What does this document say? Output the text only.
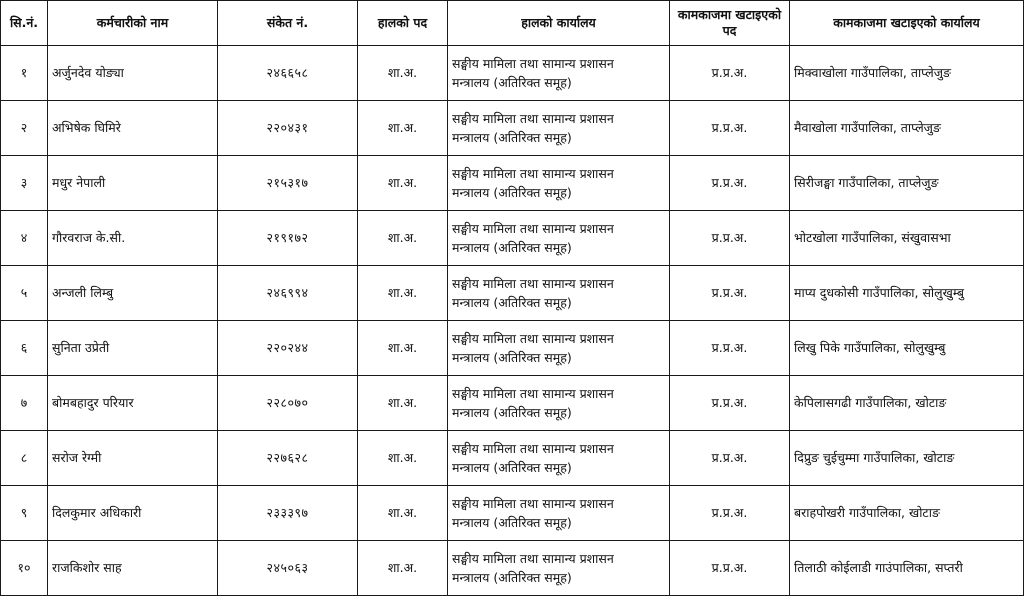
सि.नं.	कर्मचारीको नाम	संकेत नं.	हालको पद	हालको कार्यालय	कामकाजमा खटाइएको पद	कामकाजमा खटाइएको कार्यालय
१	अर्जुनदेव योङ्या	२४६६५८	शा.अ.	सङ्घीय मामिला तथा सामान्य प्रशासन
मन्त्रालय (अतिरिक्त समूह)	प्र.प्र.अ.	मिक्वाखोला गाउँपालिका, ताप्लेजुङ
२	अभिषेक घिमिरे	२२०४३१	शा.अ.	सङ्घीय मामिला तथा सामान्य प्रशासन
मन्त्रालय (अतिरिक्त समूह)	प्र.प्र.अ.	मैवाखोला गाउँपालिका, ताप्लेजुङ
३	मधुर नेपाली	२१५३१७	शा.अ.	सङ्घीय मामिला तथा सामान्य प्रशासन
मन्त्रालय (अतिरिक्त समूह)	प्र.प्र.अ.	सिरीजङ्घा गाउँपालिका, ताप्लेजुङ
४	गौरवराज के.सी.	२१९१७२	शा.अ.	सङ्घीय मामिला तथा सामान्य प्रशासन
मन्त्रालय (अतिरिक्त समूह)	प्र.प्र.अ.	भोटखोला गाउँपालिका, संखुवासभा
५	अन्जली लिम्बु	२४६९९४	शा.अ.	सङ्घीय मामिला तथा सामान्य प्रशासन
मन्त्रालय (अतिरिक्त समूह)	प्र.प्र.अ.	माप्य दुधकोसी गाउँपालिका, सोलुखुम्बु
६	सुनिता उप्रेती	२२०२४४	शा.अ.	सङ्घीय मामिला तथा सामान्य प्रशासन
मन्त्रालय (अतिरिक्त समूह)	प्र.प्र.अ.	लिखु पिके गाउँपालिका, सोलुखुम्बु
७	बोमबहादुर परियार	२२८०७०	शा.अ.	सङ्घीय मामिला तथा सामान्य प्रशासन
मन्त्रालय (अतिरिक्त समूह)	प्र.प्र.अ.	केपिलासगढी गाउँपालिका, खोटाङ
८	सरोज रेग्मी	२२७६२८	शा.अ.	सङ्घीय मामिला तथा सामान्य प्रशासन
मन्त्रालय (अतिरिक्त समूह)	प्र.प्र.अ.	दिप्रुङ चुईचुम्मा गाउँपालिका, खोटाङ
९	दिलकुमार अधिकारी	२३३३९७	शा.अ.	सङ्घीय मामिला तथा सामान्य प्रशासन
मन्त्रालय (अतिरिक्त समूह)	प्र.प्र.अ.	बराहपोखरी गाउँपालिका, खोटाङ
१०	राजकिशोर साह	२४५०६३	शा.अ.	सङ्घीय मामिला तथा सामान्य प्रशासन
मन्त्रालय (अतिरिक्त समूह)	प्र.प्र.अ.	तिलाठी कोईलाडी गाउंपालिका, सप्तरी
